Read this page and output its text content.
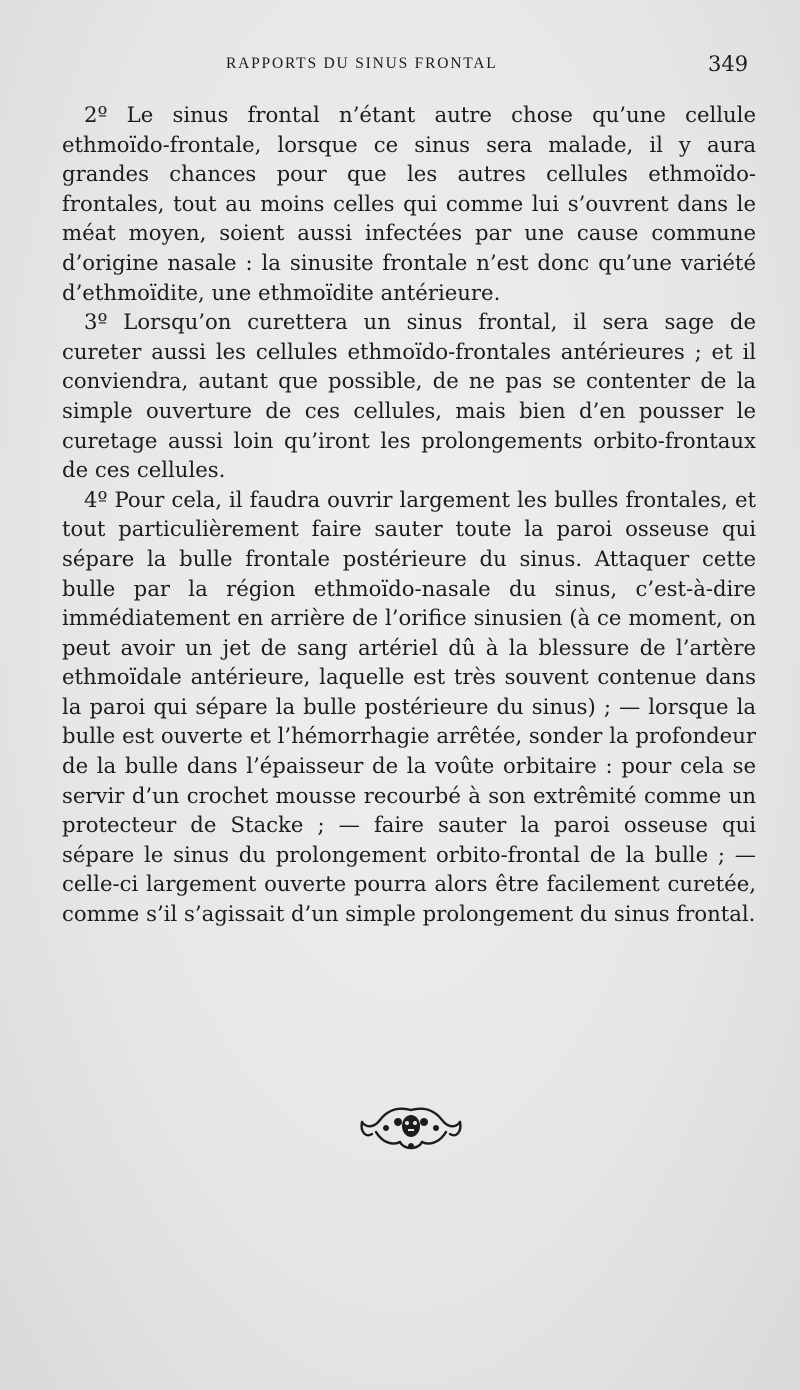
RAPPORTS DU SINUS FRONTAL	349

2º Le sinus frontal n’étant autre chose qu’une cellule ethmoïdo-frontale, lorsque ce sinus sera malade, il y aura grandes chances pour que les autres cellules ethmoïdo-frontales, tout au moins celles qui comme lui s’ouvrent dans le méat moyen, soient aussi infectées par une cause commune d’origine nasale : la sinusite frontale n’est donc qu’une variété d’ethmoïdite, une ethmoïdite antérieure.

3º Lorsqu’on curettera un sinus frontal, il sera sage de cureter aussi les cellules ethmoïdo-frontales antérieures ; et il conviendra, autant que possible, de ne pas se contenter de la simple ouverture de ces cellules, mais bien d’en pousser le curetage aussi loin qu’iront les prolongements orbito-frontaux de ces cellules.

4º Pour cela, il faudra ouvrir largement les bulles frontales, et tout particulièrement faire sauter toute la paroi osseuse qui sépare la bulle frontale postérieure du sinus. Attaquer cette bulle par la région ethmoïdo-nasale du sinus, c’est-à-dire immédiatement en arrière de l’orifice sinusien (à ce moment, on peut avoir un jet de sang artériel dû à la blessure de l’artère ethmoïdale antérieure, laquelle est très souvent contenue dans la paroi qui sépare la bulle postérieure du sinus) ; — lorsque la bulle est ouverte et l’hémorrhagie arrêtée, sonder la profondeur de la bulle dans l’épaisseur de la voûte orbitaire : pour cela se servir d’un crochet mousse recourbé à son extrêmité comme un protecteur de Stacke ; — faire sauter la paroi osseuse qui sépare le sinus du prolongement orbito-frontal de la bulle ; — celle-ci largement ouverte pourra alors être facilement curetée, comme s’il s’agissait d’un simple prolongement du sinus frontal.
